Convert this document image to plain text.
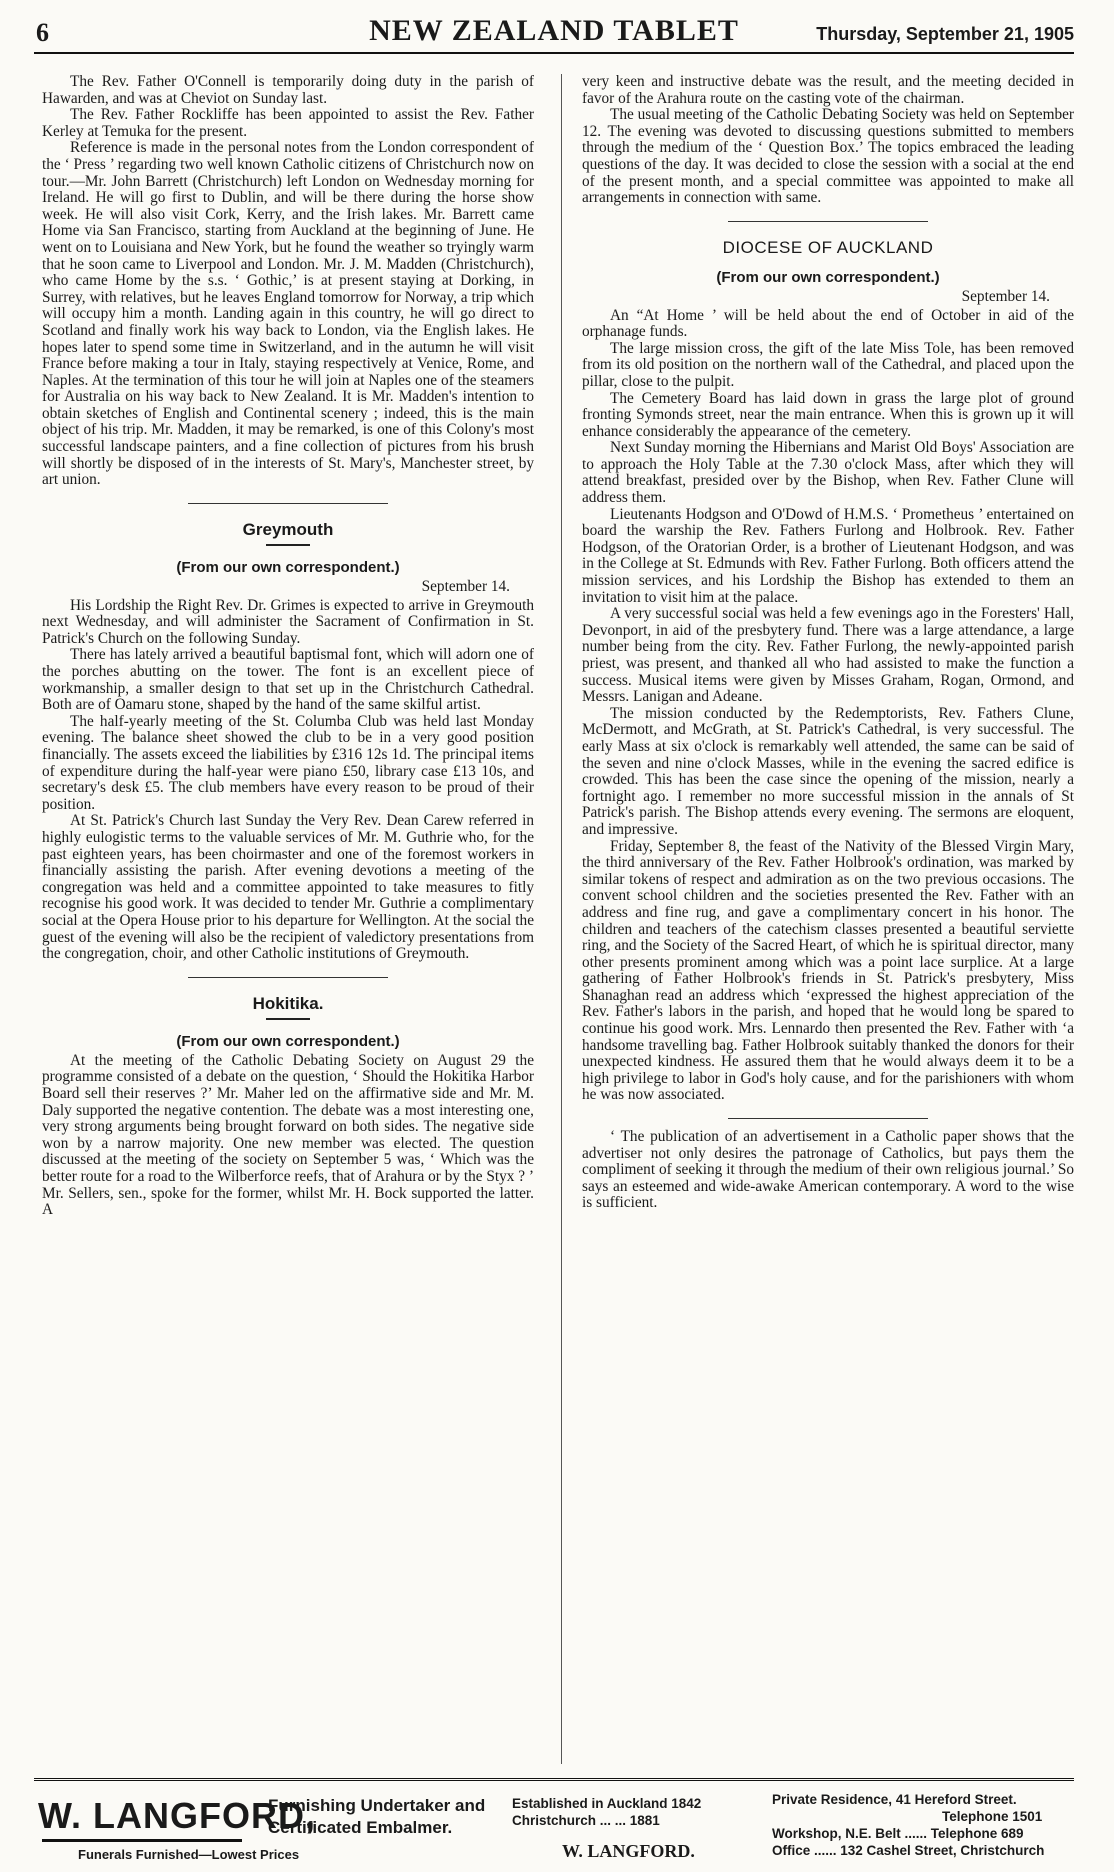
6	NEW ZEALAND TABLET	Thursday, September 21, 1905

The Rev. Father O'Connell is temporarily doing duty in the parish of Hawarden, and was at Cheviot on Sunday last.

The Rev. Father Rockliffe has been appointed to assist the Rev. Father Kerley at Temuka for the present.

Reference is made in the personal notes from the London correspondent of the ‘ Press ’ regarding two well known Catholic citizens of Christchurch now on tour.—Mr. John Barrett (Christchurch) left London on Wednesday morning for Ireland. He will go first to Dublin, and will be there during the horse show week. He will also visit Cork, Kerry, and the Irish lakes. Mr. Barrett came Home via San Francisco, starting from Auckland at the beginning of June. He went on to Louisiana and New York, but he found the weather so tryingly warm that he soon came to Liverpool and London. Mr. J. M. Madden (Christchurch), who came Home by the s.s. ‘ Gothic,’ is at present staying at Dorking, in Surrey, with relatives, but he leaves England tomorrow for Norway, a trip which will occupy him a month. Landing again in this country, he will go direct to Scotland and finally work his way back to London, via the English lakes. He hopes later to spend some time in Switzerland, and in the autumn he will visit France before making a tour in Italy, staying respectively at Venice, Rome, and Naples. At the termination of this tour he will join at Naples one of the steamers for Australia on his way back to New Zealand. It is Mr. Madden's intention to obtain sketches of English and Continental scenery ; indeed, this is the main object of his trip. Mr. Madden, it may be remarked, is one of this Colony's most successful landscape painters, and a fine collection of pictures from his brush will shortly be disposed of in the interests of St. Mary's, Manchester street, by art union.

Greymouth
(From our own correspondent.)
September 14.

His Lordship the Right Rev. Dr. Grimes is expected to arrive in Greymouth next Wednesday, and will administer the Sacrament of Confirmation in St. Patrick's Church on the following Sunday.

There has lately arrived a beautiful baptismal font, which will adorn one of the porches abutting on the tower. The font is an excellent piece of workmanship, a smaller design to that set up in the Christchurch Cathedral. Both are of Oamaru stone, shaped by the hand of the same skilful artist.

The half-yearly meeting of the St. Columba Club was held last Monday evening. The balance sheet showed the club to be in a very good position financially. The assets exceed the liabilities by £316 12s 1d. The principal items of expenditure during the half-year were piano £50, library case £13 10s, and secretary's desk £5. The club members have every reason to be proud of their position.

At St. Patrick's Church last Sunday the Very Rev. Dean Carew referred in highly eulogistic terms to the valuable services of Mr. M. Guthrie who, for the past eighteen years, has been choirmaster and one of the foremost workers in financially assisting the parish. After evening devotions a meeting of the congregation was held and a committee appointed to take measures to fitly recognise his good work. It was decided to tender Mr. Guthrie a complimentary social at the Opera House prior to his departure for Wellington. At the social the guest of the evening will also be the recipient of valedictory presentations from the congregation, choir, and other Catholic institutions of Greymouth.

Hokitika.
(From our own correspondent.)

At the meeting of the Catholic Debating Society on August 29 the programme consisted of a debate on the question, ‘ Should the Hokitika Harbor Board sell their reserves ?’ Mr. Maher led on the affirmative side and Mr. M. Daly supported the negative contention. The debate was a most interesting one, very strong arguments being brought forward on both sides. The negative side won by a narrow majority. One new member was elected. The question discussed at the meeting of the society on September 5 was, ‘ Which was the better route for a road to the Wilberforce reefs, that of Arahura or by the Styx ? ’ Mr. Sellers, sen., spoke for the former, whilst Mr. H. Bock supported the latter. A

very keen and instructive debate was the result, and the meeting decided in favor of the Arahura route on the casting vote of the chairman.

The usual meeting of the Catholic Debating Society was held on September 12. The evening was devoted to discussing questions submitted to members through the medium of the ‘ Question Box.’ The topics embraced the leading questions of the day. It was decided to close the session with a social at the end of the present month, and a special committee was appointed to make all arrangements in connection with same.

DIOCESE OF AUCKLAND
(From our own correspondent.)
September 14.

An “At Home ’ will be held about the end of October in aid of the orphanage funds.

The large mission cross, the gift of the late Miss Tole, has been removed from its old position on the northern wall of the Cathedral, and placed upon the pillar, close to the pulpit.

The Cemetery Board has laid down in grass the large plot of ground fronting Symonds street, near the main entrance. When this is grown up it will enhance considerably the appearance of the cemetery.

Next Sunday morning the Hibernians and Marist Old Boys' Association are to approach the Holy Table at the 7.30 o'clock Mass, after which they will attend breakfast, presided over by the Bishop, when Rev. Father Clune will address them.

Lieutenants Hodgson and O'Dowd of H.M.S. ‘ Prometheus ’ entertained on board the warship the Rev. Fathers Furlong and Holbrook. Rev. Father Hodgson, of the Oratorian Order, is a brother of Lieutenant Hodgson, and was in the College at St. Edmunds with Rev. Father Furlong. Both officers attend the mission services, and his Lordship the Bishop has extended to them an invitation to visit him at the palace.

A very successful social was held a few evenings ago in the Foresters' Hall, Devonport, in aid of the presbytery fund. There was a large attendance, a large number being from the city. Rev. Father Furlong, the newly-appointed parish priest, was present, and thanked all who had assisted to make the function a success. Musical items were given by Misses Graham, Rogan, Ormond, and Messrs. Lanigan and Adeane.

The mission conducted by the Redemptorists, Rev. Fathers Clune, McDermott, and McGrath, at St. Patrick's Cathedral, is very successful. The early Mass at six o'clock is remarkably well attended, the same can be said of the seven and nine o'clock Masses, while in the evening the sacred edifice is crowded. This has been the case since the opening of the mission, nearly a fortnight ago. I remember no more successful mission in the annals of St Patrick's parish. The Bishop attends every evening. The sermons are eloquent, and impressive.

Friday, September 8, the feast of the Nativity of the Blessed Virgin Mary, the third anniversary of the Rev. Father Holbrook's ordination, was marked by similar tokens of respect and admiration as on the two previous occasions. The convent school children and the societies presented the Rev. Father with an address and fine rug, and gave a complimentary concert in his honor. The children and teachers of the catechism classes presented a beautiful serviette ring, and the Society of the Sacred Heart, of which he is spiritual director, many other presents prominent among which was a point lace surplice. At a large gathering of Father Holbrook's friends in St. Patrick's presbytery, Miss Shanaghan read an address which ‘expressed the highest appreciation of the Rev. Father's labors in the parish, and hoped that he would long be spared to continue his good work. Mrs. Lennardo then presented the Rev. Father with ‘a handsome travelling bag. Father Holbrook suitably thanked the donors for their unexpected kindness. He assured them that he would always deem it to be a high privilege to labor in God's holy cause, and for the parishioners with whom he was now associated.

‘ The publication of an advertisement in a Catholic paper shows that the advertiser not only desires the patronage of Catholics, but pays them the compliment of seeking it through the medium of their own religious journal.’ So says an esteemed and wide-awake American contemporary. A word to the wise is sufficient.

W. LANGFORD,
Funerals Furnished—Lowest Prices
Furnishing Undertaker and
Certificated Embalmer.
Established in Auckland 1842
Christchurch ... ... 1881
W. LANGFORD.
Private Residence, 41 Hereford Street.
Telephone 1501
Workshop, N.E. Belt ...... Telephone 689
Office ...... 132 Cashel Street, Christchurch
